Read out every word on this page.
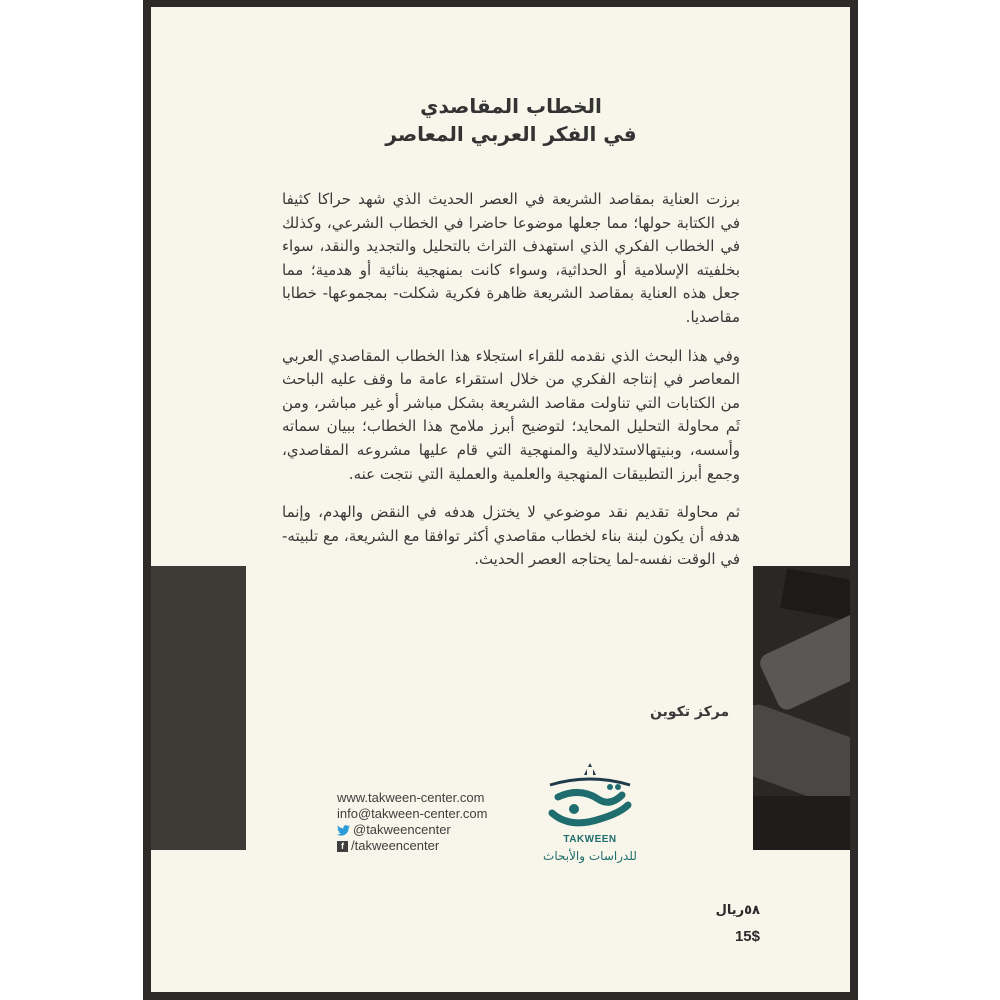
الخطاب المقاصدي
في الفكر العربي المعاصر

برزت العناية بمقاصد الشريعة في العصر الحديث الذي شهد حراكا كثيفا في الكتابة حولها؛ مما جعلها موضوعا حاضرا في الخطاب الشرعي، وكذلك في الخطاب الفكري الذي استهدف التراث بالتحليل والتجديد والنقد، سواء بخلفيته الإسلامية أو الحداثية، وسواء كانت بمنهجية بنائية أو هدمية؛ مما جعل هذه العناية بمقاصد الشريعة ظاهرة فكرية شكلت- بمجموعها- خطابا مقاصديا.

وفي هذا البحث الذي نقدمه للقراء استجلاء هذا الخطاب المقاصدي العربي المعاصر في إنتاجه الفكري من خلال استقراء عامة ما وقف عليه الباحث من الكتابات التي تناولت مقاصد الشريعة بشكل مباشر أو غير مباشر، ومن ثَم محاولة التحليل المحايد؛ لتوضيح أبرز ملامح هذا الخطاب؛ ببيان سماته وأسسه، وبنيتهالاستدلالية والمنهجية التي قام عليها مشروعه المقاصدي، وجمع أبرز التطبيقات المنهجية والعلمية والعملية التي نتجت عنه.

ثم محاولة تقديم نقد موضوعي لا يختزل هدفه في النقض والهدم، وإنما هدفه أن يكون لبنة بناء لخطاب مقاصدي أكثر توافقا مع الشريعة، مع تلبيته-في الوقت نفسه-لما يحتاجه العصر الحديث.

مركز تكوين
www.takween-center.com
info@takween-center.com
@takweencenter
f /takweencenter	TAKWEEN
للدراسات والأبحاث
٥٨ريال
15$
